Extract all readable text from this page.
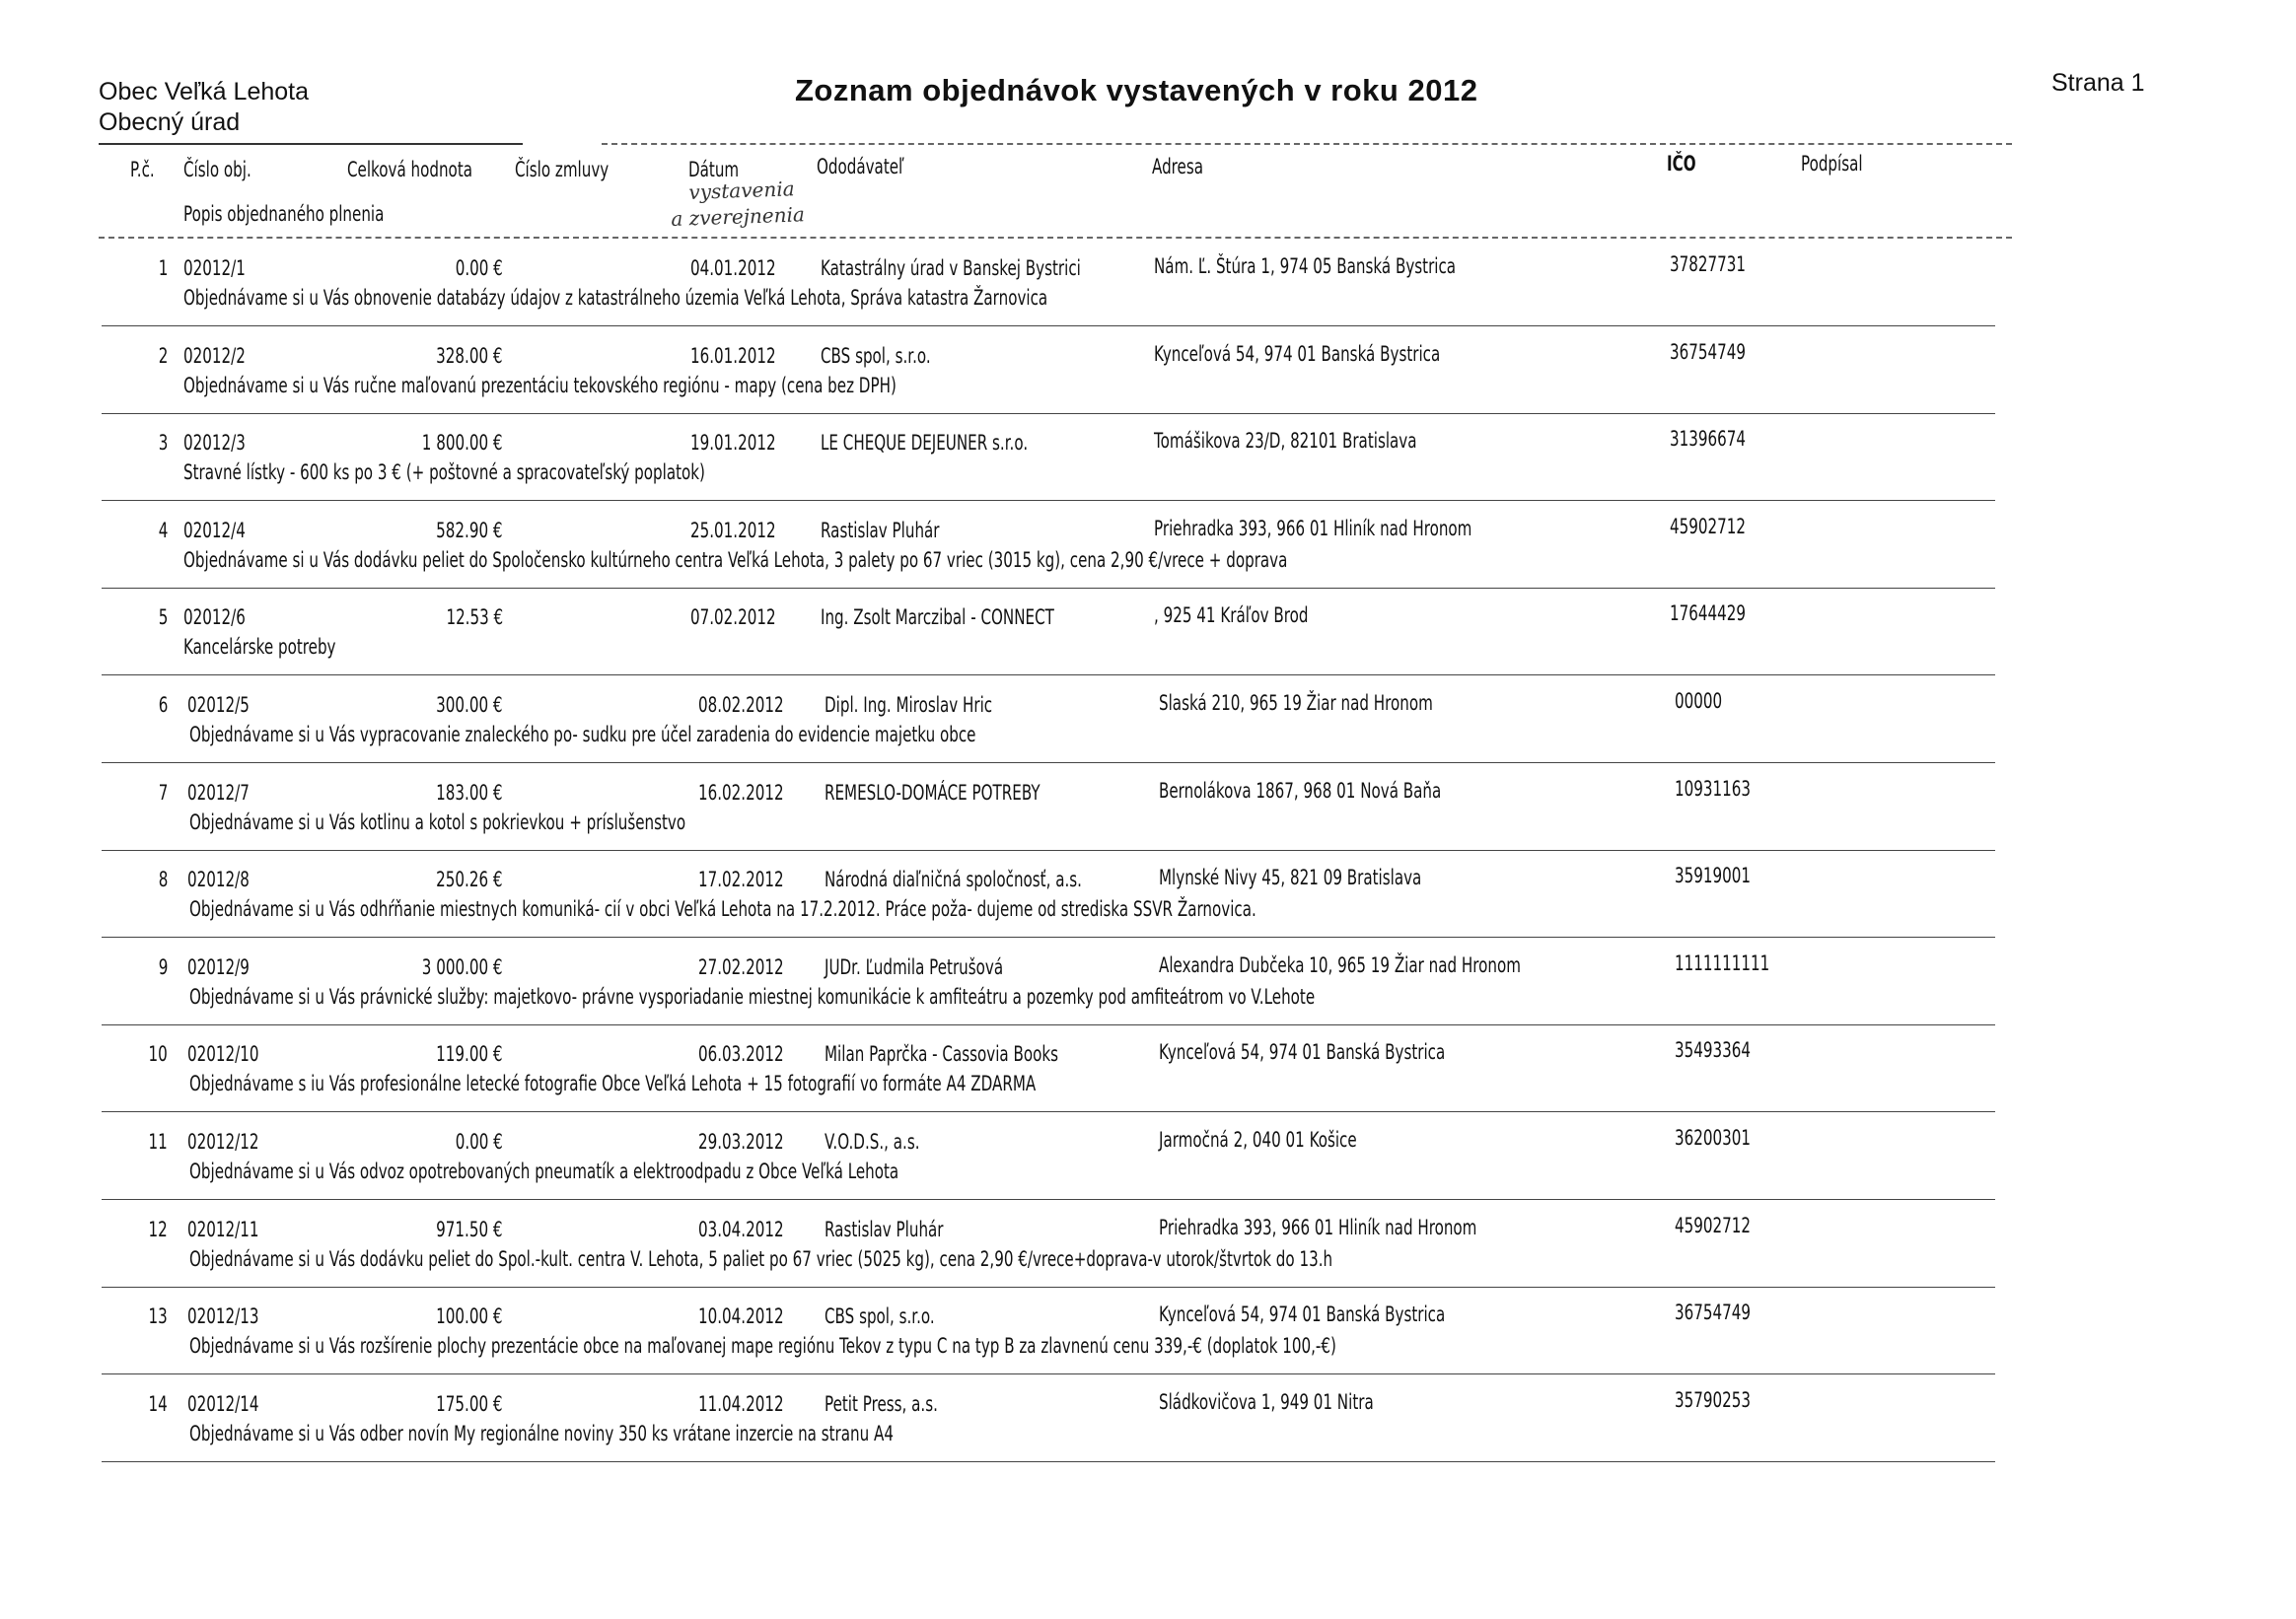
Obec Veľká Lehota
Obecný úrad
Zoznam objednávok vystavených v roku 2012	Strana 1
P.č. Číslo obj.	Celková hodnota Číslo zmluvy	Dátum	Ododávateľ	Adresa	IČO	Podpísal
Popis objednaného plnenia
vystavenia
a zverejnenia
1 02012/1	0.00 €	04.01.2012 Katastrálny úrad v Banskej Bystrici	Nám. Ľ. Štúra 1, 974 05 Banská Bystrica	37827731
Objednávame si u Vás obnovenie databázy údajov z katastrálneho územia Veľká Lehota, Správa katastra Žarnovica
2 02012/2	328.00 €	16.01.2012 CBS spol, s.r.o.	Kynceľová 54, 974 01 Banská Bystrica	36754749
Objednávame si u Vás ručne maľovanú prezentáciu tekovského regiónu - mapy (cena bez DPH)
3 02012/3	1 800.00 €	19.01.2012 LE CHEQUE DEJEUNER s.r.o.	Tomášikova 23/D, 82101 Bratislava	31396674
Stravné lístky - 600 ks po 3 € (+ poštovné a spracovateľský poplatok)
4 02012/4	582.90 €	25.01.2012 Rastislav Pluhár	Priehradka 393, 966 01 Hliník nad Hronom	45902712
Objednávame si u Vás dodávku peliet do Spoločensko kultúrneho centra Veľká Lehota, 3 palety po 67 vriec (3015 kg), cena 2,90 €/vrece + doprava
5 02012/6	12.53 €	07.02.2012 Ing. Zsolt Marczibal - CONNECT	, 925 41 Kráľov Brod	17644429
Kancelárske potreby
6 02012/5	300.00 €	08.02.2012 Dipl. Ing. Miroslav Hric	Slaská 210, 965 19 Žiar nad Hronom	00000
Objednávame si u Vás vypracovanie znaleckého po- sudku pre účel zaradenia do evidencie majetku obce
7 02012/7	183.00 €	16.02.2012 REMESLO-DOMÁCE POTREBY	Bernolákova 1867, 968 01 Nová Baňa	10931163
Objednávame si u Vás kotlinu a kotol s pokrievkou + príslušenstvo
8 02012/8	250.26 €	17.02.2012 Národná diaľničná spoločnosť, a.s.	Mlynské Nivy 45, 821 09 Bratislava	35919001
Objednávame si u Vás odhŕňanie miestnych komuniká- cií v obci Veľká Lehota na 17.2.2012. Práce poža- dujeme od strediska SSVR Žarnovica.
9 02012/9	3 000.00 €	27.02.2012 JUDr. Ľudmila Petrušová	Alexandra Dubčeka 10, 965 19 Žiar nad Hronom	1111111111
Objednávame si u Vás právnické služby: majetkovo- právne vysporiadanie miestnej komunikácie k amfiteátru a pozemky pod amfiteátrom vo V.Lehote
10 02012/10	119.00 €	06.03.2012 Milan Paprčka - Cassovia Books	Kynceľová 54, 974 01 Banská Bystrica	35493364
Objednávame s iu Vás profesionálne letecké fotografie Obce Veľká Lehota + 15 fotografií vo formáte A4 ZDARMA
11 02012/12	0.00 €	29.03.2012 V.O.D.S., a.s.	Jarmočná 2, 040 01 Košice	36200301
Objednávame si u Vás odvoz opotrebovaných pneumatík a elektroodpadu z Obce Veľká Lehota
12 02012/11	971.50 €	03.04.2012 Rastislav Pluhár	Priehradka 393, 966 01 Hliník nad Hronom	45902712
Objednávame si u Vás dodávku peliet do Spol.-kult. centra V. Lehota, 5 paliet po 67 vriec (5025 kg), cena 2,90 €/vrece+doprava-v utorok/štvrtok do 13.h
13 02012/13	100.00 €	10.04.2012 CBS spol, s.r.o.	Kynceľová 54, 974 01 Banská Bystrica	36754749
Objednávame si u Vás rozšírenie plochy prezentácie obce na maľovanej mape regiónu Tekov z typu C na typ B za zlavnenú cenu 339,-€ (doplatok 100,-€)
14 02012/14	175.00 €	11.04.2012 Petit Press, a.s.	Sládkovičova 1, 949 01 Nitra	35790253
Objednávame si u Vás odber novín My regionálne noviny 350 ks vrátane inzercie na stranu A4
